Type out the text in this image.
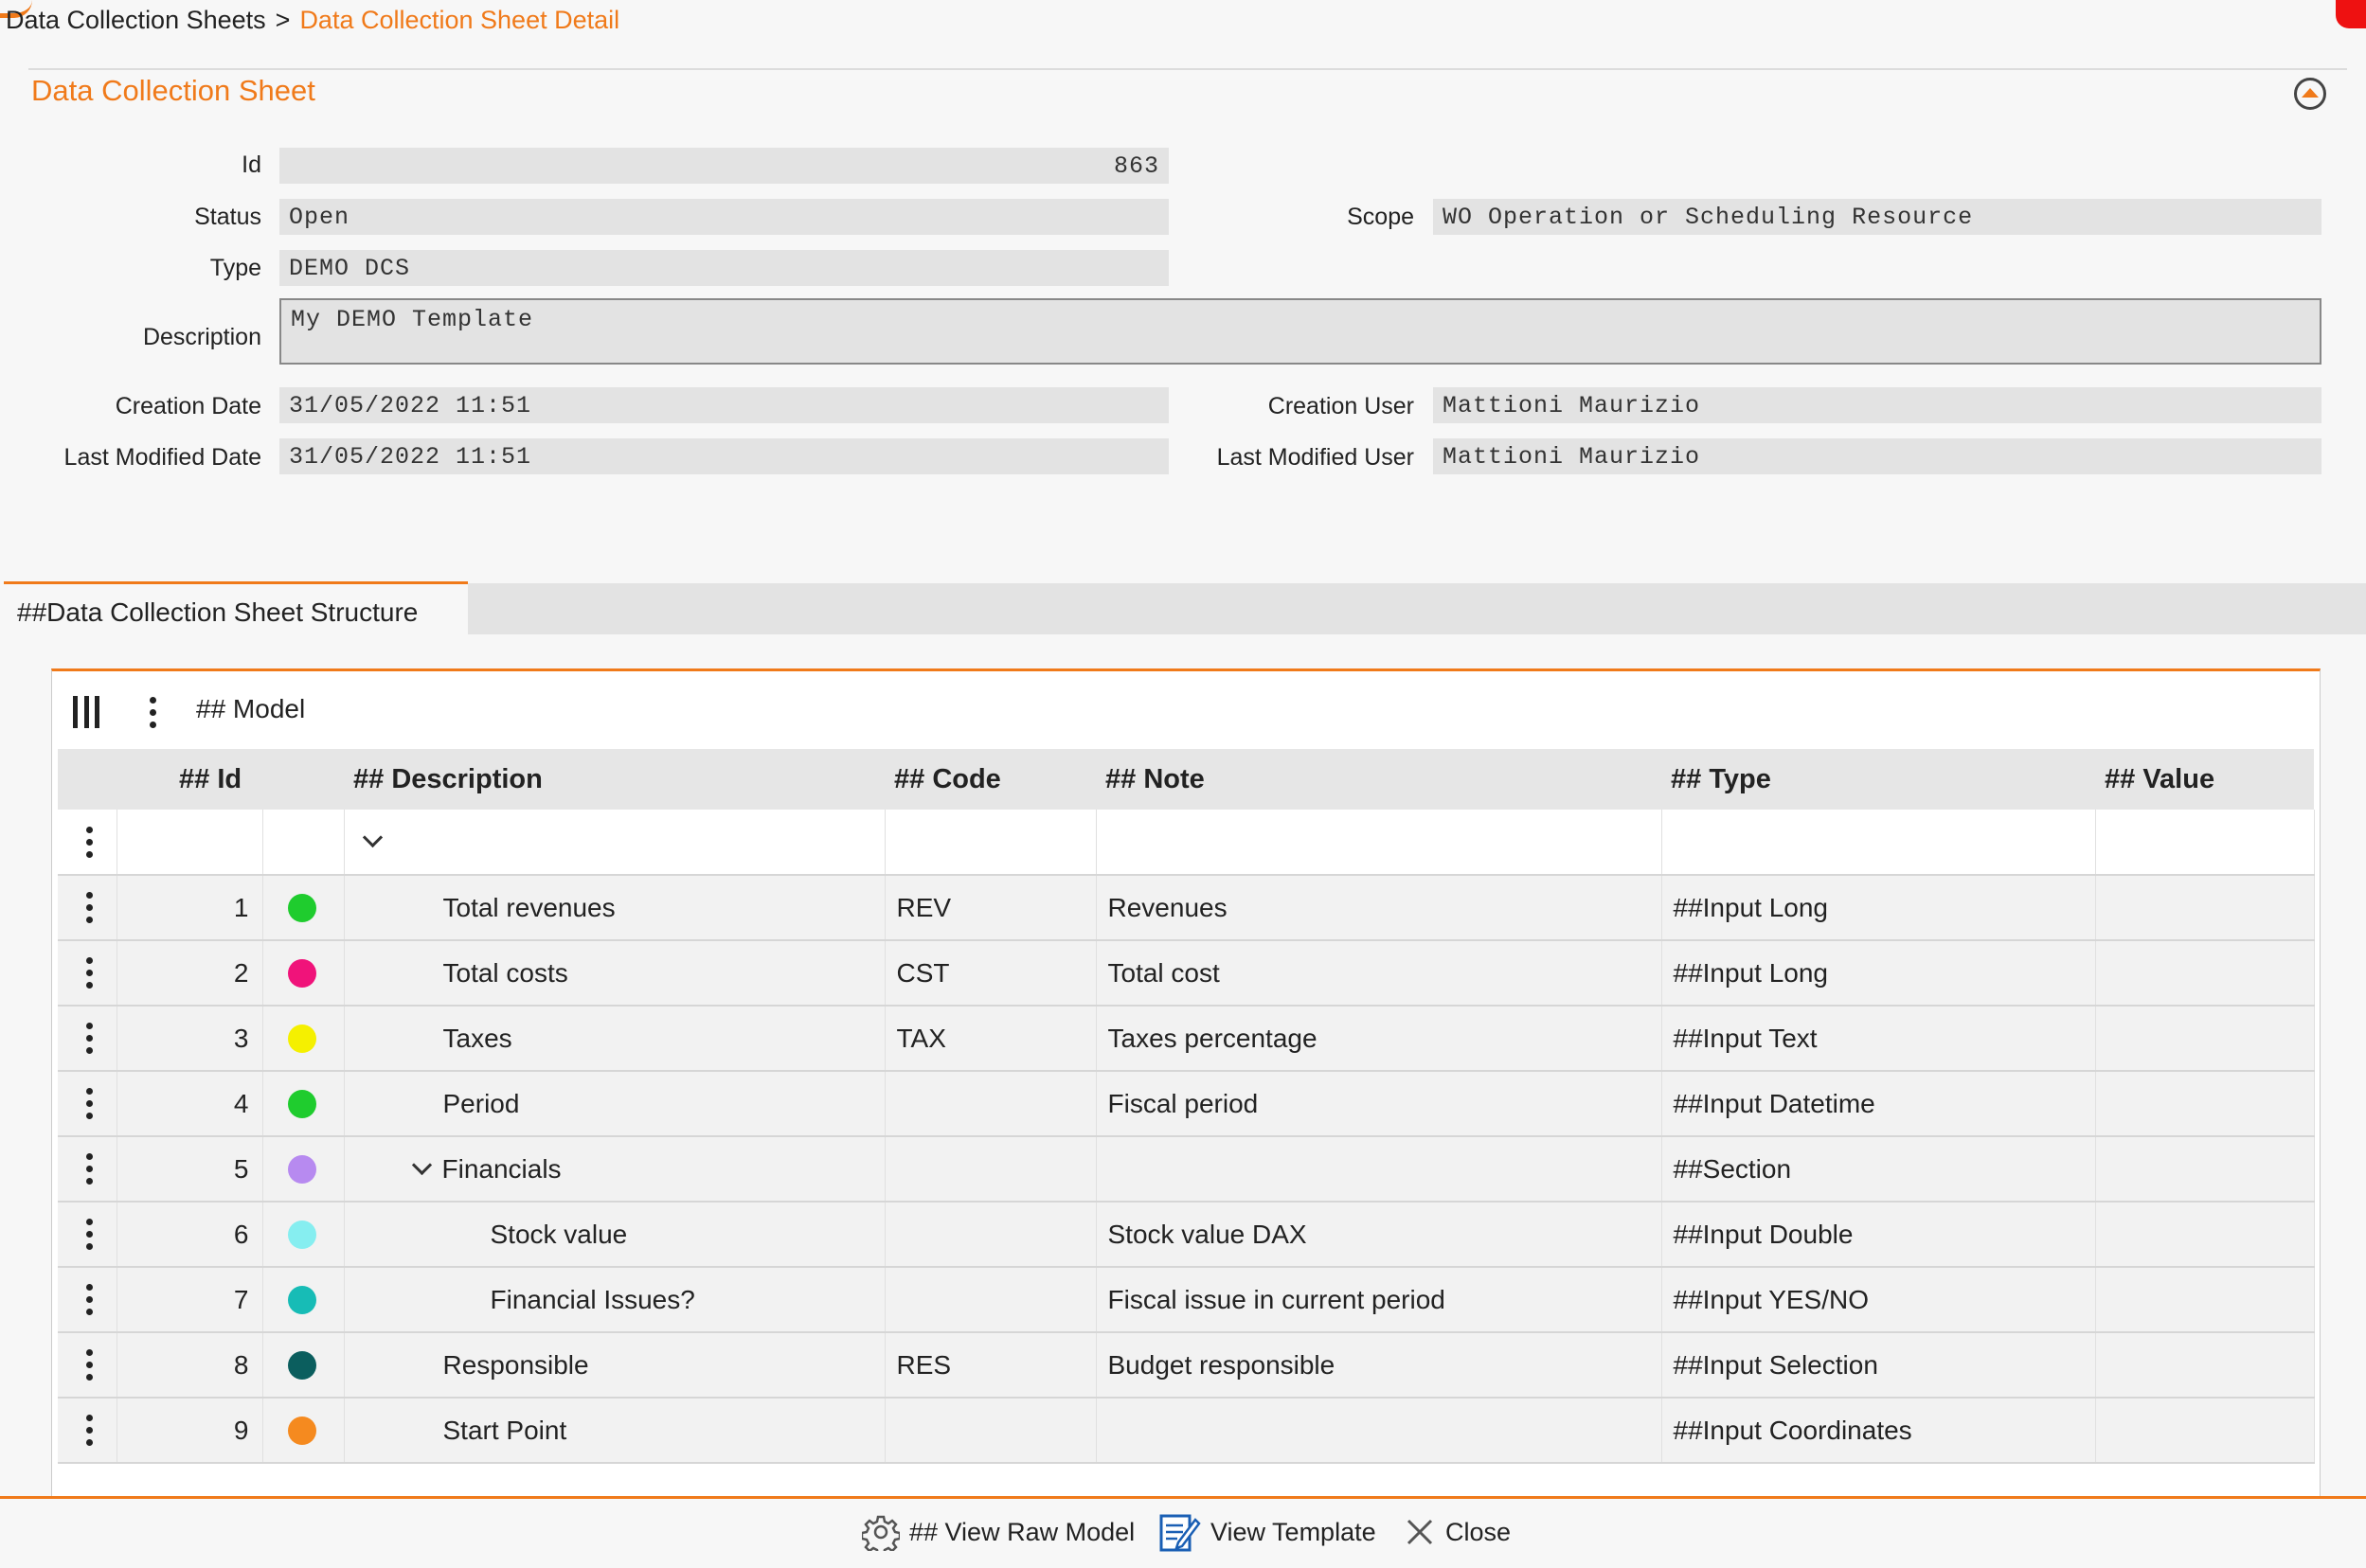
Data Collection Sheets > Data Collection Sheet Detail
Data Collection Sheet
Id	863
Status	Open	Scope	WO Operation or Scheduling Resource
Type	DEMO DCS
Description
My DEMO Template
Creation Date	31/05/2022 11:51	Creation User	Mattioni Maurizio
Last Modified Date	31/05/2022 11:51	Last Modified User	Mattioni Maurizio
##Data Collection Sheet Structure
## Model
	## Id		## Description	## Code	## Note	## Type	## Value

	1		Total revenues	REV	Revenues	##Input Long	

	2		Total costs	CST	Total cost	##Input Long	

	3		Taxes	TAX	Taxes percentage	##Input Text	

	4		Period		Fiscal period	##Input Datetime	

	5		Financials			##Section	

	6		Stock value		Stock value DAX	##Input Double	

	7		Financial Issues?		Fiscal issue in current period	##Input YES/NO	

	8		Responsible	RES	Budget responsible	##Input Selection	

	9		Start Point			##Input Coordinates	
## View Raw Model	View Template	Close
